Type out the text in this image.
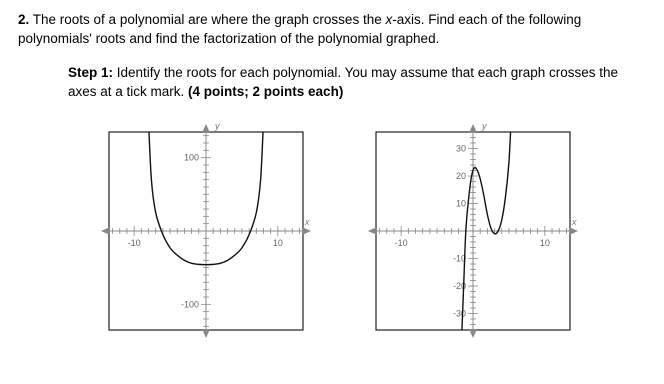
2. The roots of a polynomial are where the graph crosses the x-axis. Find each of the following polynomials' roots and find the factorization of the polynomial graphed.
Step 1: Identify the roots for each polynomial. You may assume that each graph crosses the axes at a tick mark. (4 points; 2 points each)
-10	10
100
-100
y
x
-10	10
30
20
10
-10
-20
-30
y
x
